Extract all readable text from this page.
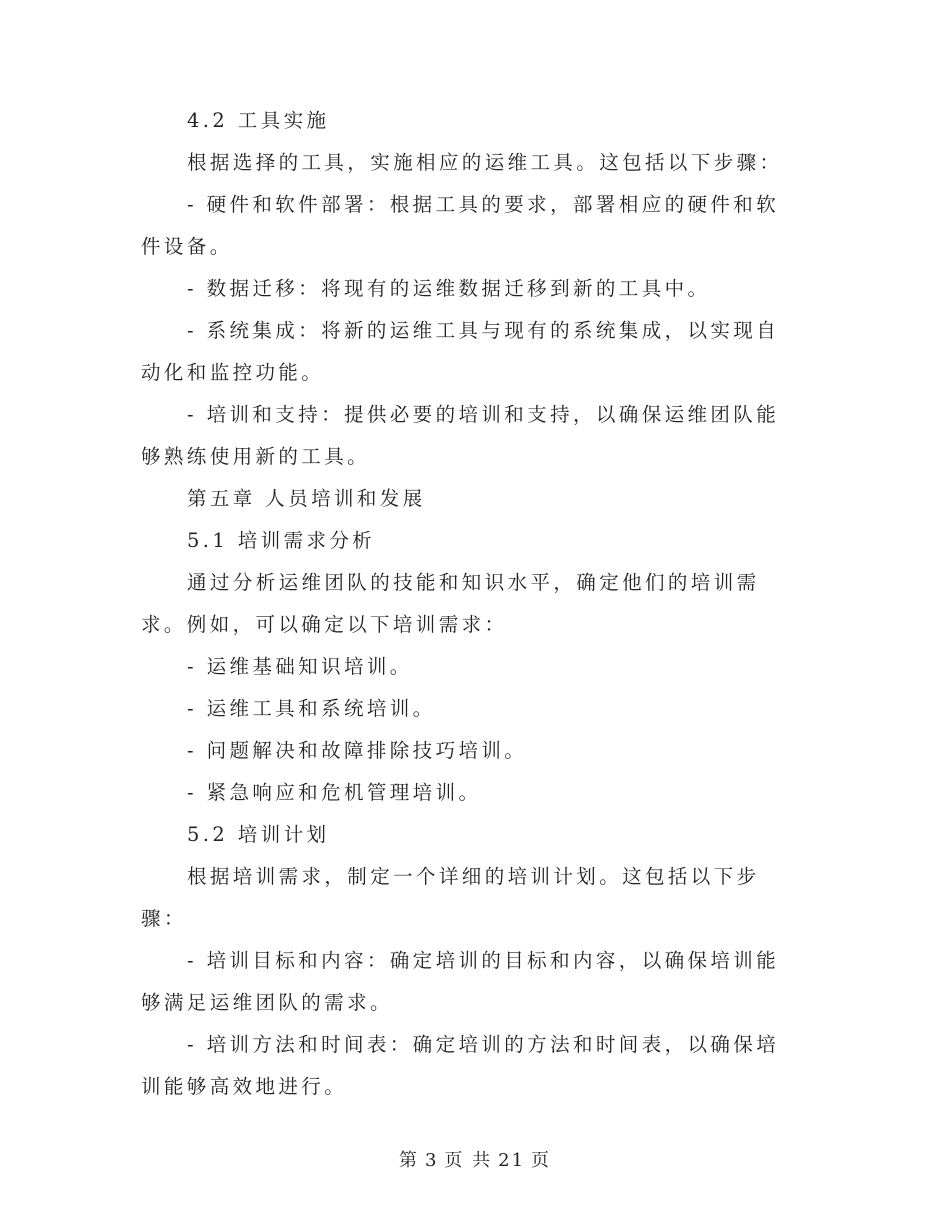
4.2 工具实施

根据选择的工具，实施相应的运维工具。这包括以下步骤：

- 硬件和软件部署：根据工具的要求，部署相应的硬件和软件设备。

- 数据迁移：将现有的运维数据迁移到新的工具中。

- 系统集成：将新的运维工具与现有的系统集成，以实现自动化和监控功能。

- 培训和支持：提供必要的培训和支持，以确保运维团队能够熟练使用新的工具。

第五章 人员培训和发展

5.1 培训需求分析

通过分析运维团队的技能和知识水平，确定他们的培训需求。例如，可以确定以下培训需求：

- 运维基础知识培训。

- 运维工具和系统培训。

- 问题解决和故障排除技巧培训。

- 紧急响应和危机管理培训。

5.2 培训计划

根据培训需求，制定一个详细的培训计划。这包括以下步骤：

- 培训目标和内容：确定培训的目标和内容，以确保培训能够满足运维团队的需求。

- 培训方法和时间表：确定培训的方法和时间表，以确保培训能够高效地进行。

第 3 页 共 21 页
